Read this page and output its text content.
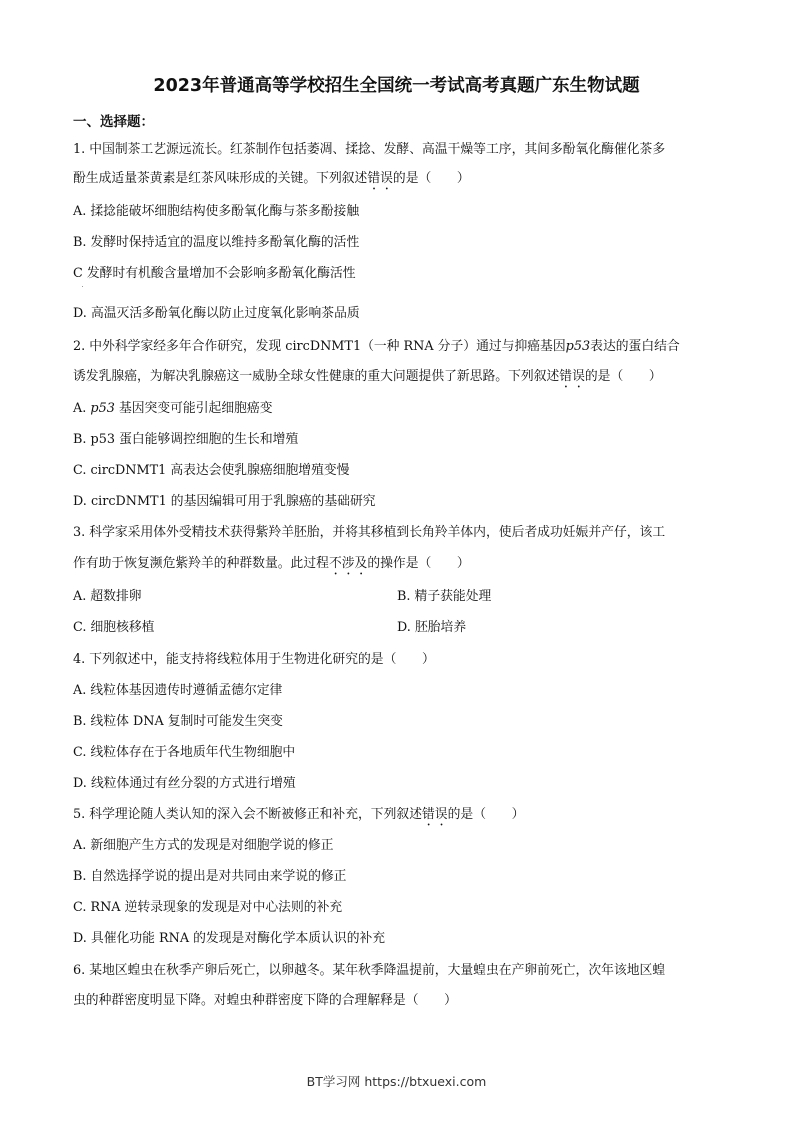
2023年普通高等学校招生全国统一考试高考真题广东生物试题
一、选择题：
1. 中国制茶工艺源远流长。红茶制作包括萎凋、揉捻、发酵、高温干燥等工序，其间多酚氧化酶催化茶多
酚生成适量茶黄素是红茶风味形成的关键。下列叙述错误的是（　　）
A. 揉捻能破坏细胞结构使多酚氧化酶与茶多酚接触
B. 发酵时保持适宜的温度以维持多酚氧化酶的活性
C 发酵时有机酸含量增加不会影响多酚氧化酶活性
D. 高温灭活多酚氧化酶以防止过度氧化影响茶品质
2. 中外科学家经多年合作研究，发现 circDNMT1（一种 RNA 分子）通过与抑癌基因p53表达的蛋白结合
诱发乳腺癌，为解决乳腺癌这一威胁全球女性健康的重大问题提供了新思路。下列叙述错误的是（　　）
A. p53 基因突变可能引起细胞癌变
B. p53 蛋白能够调控细胞的生长和增殖
C. circDNMT1 高表达会使乳腺癌细胞增殖变慢
D. circDNMT1 的基因编辑可用于乳腺癌的基础研究
3. 科学家采用体外受精技术获得紫羚羊胚胎，并将其移植到长角羚羊体内，使后者成功妊娠并产仔，该工
作有助于恢复濒危紫羚羊的种群数量。此过程不涉及的操作是（　　）
A. 超数排卵	B. 精子获能处理
C. 细胞核移植	D. 胚胎培养
4. 下列叙述中，能支持将线粒体用于生物进化研究的是（　　）
A. 线粒体基因遗传时遵循孟德尔定律
B. 线粒体 DNA 复制时可能发生突变
C. 线粒体存在于各地质年代生物细胞中
D. 线粒体通过有丝分裂的方式进行增殖
5. 科学理论随人类认知的深入会不断被修正和补充，下列叙述错误的是（　　）
A. 新细胞产生方式的发现是对细胞学说的修正
B. 自然选择学说的提出是对共同由来学说的修正
C. RNA 逆转录现象的发现是对中心法则的补充
D. 具催化功能 RNA 的发现是对酶化学本质认识的补充
6. 某地区蝗虫在秋季产卵后死亡，以卵越冬。某年秋季降温提前，大量蝗虫在产卵前死亡，次年该地区蝗
虫的种群密度明显下降。对蝗虫种群密度下降的合理解释是（　　）
BT学习网 https://btxuexi.com
